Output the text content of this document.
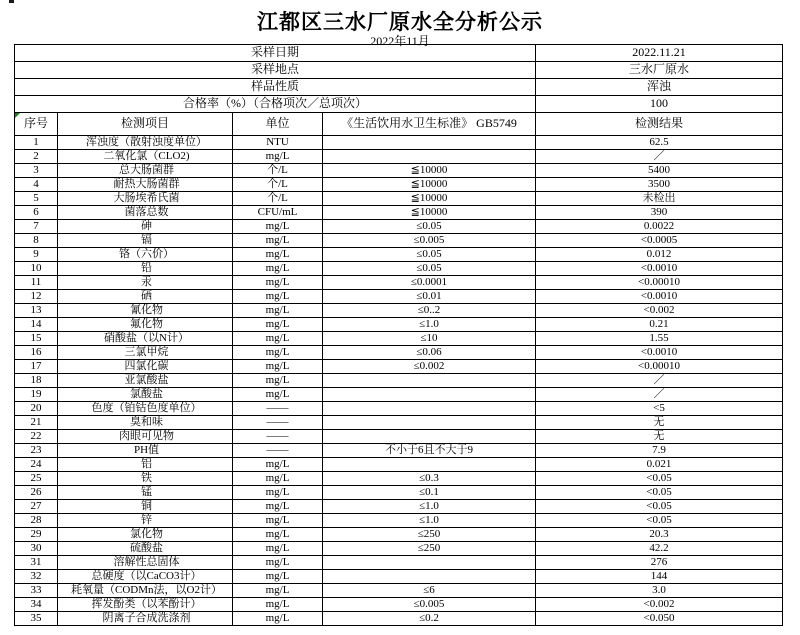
江都区三水厂原水全分析公示
2022年11月
采样日期				2022.11.21
采样地点				三水厂原水
样品性质				浑浊
合格率（%）（合格项次／总项次）				100
序号	检测项目	单位	《生活饮用水卫生标准》 GB5749	检测结果
1	浑浊度（散射浊度单位）	NTU		62.5
2	二氧化氯（CLO2)	mg/L		／
3	总大肠菌群	个/L	≦10000	5400
4	耐热大肠菌群	个/L	≦10000	3500
5	大肠埃希氏菌	个/L	≦10000	未检出
6	菌落总数	CFU/mL	≦10000	390
7	砷	mg/L	≤0.05	0.0022
8	镉	mg/L	≤0.005	<0.0005
9	铬（六价）	mg/L	≤0.05	0.012
10	铅	mg/L	≤0.05	<0.0010
11	汞	mg/L	≤0.0001	<0.00010
12	硒	mg/L	≤0.01	<0.0010
13	氰化物	mg/L	≤0..2	<0.002
14	氟化物	mg/L	≤1.0	0.21
15	硝酸盐（以N计）	mg/L	≤10	1.55
16	三氯甲烷	mg/L	≤0.06	<0.0010
17	四氯化碳	mg/L	≤0.002	<0.00010
18	亚氯酸盐	mg/L		／
19	氯酸盐	mg/L		／
20	色度（铂钴色度单位）	——		<5
21	臭和味	——		无
22	肉眼可见物	——		无
23	PH值	——	不小于6且不大于9	7.9
24	铝	mg/L		0.021
25	铁	mg/L	≤0.3	<0.05
26	锰	mg/L	≤0.1	<0.05
27	铜	mg/L	≤1.0	<0.05
28	锌	mg/L	≤1.0	<0.05
29	氯化物	mg/L	≤250	20.3
30	硫酸盐	mg/L	≤250	42.2
31	溶解性总固体	mg/L		276
32	总硬度（以CaCO3计）	mg/L		144
33	耗氧量（CODMn法，以O2计）	mg/L	≤6	3.0
34	挥发酚类（以苯酚计）	mg/L	≤0.005	<0.002
35	阴离子合成洗涤剂	mg/L	≤0.2	<0.050
